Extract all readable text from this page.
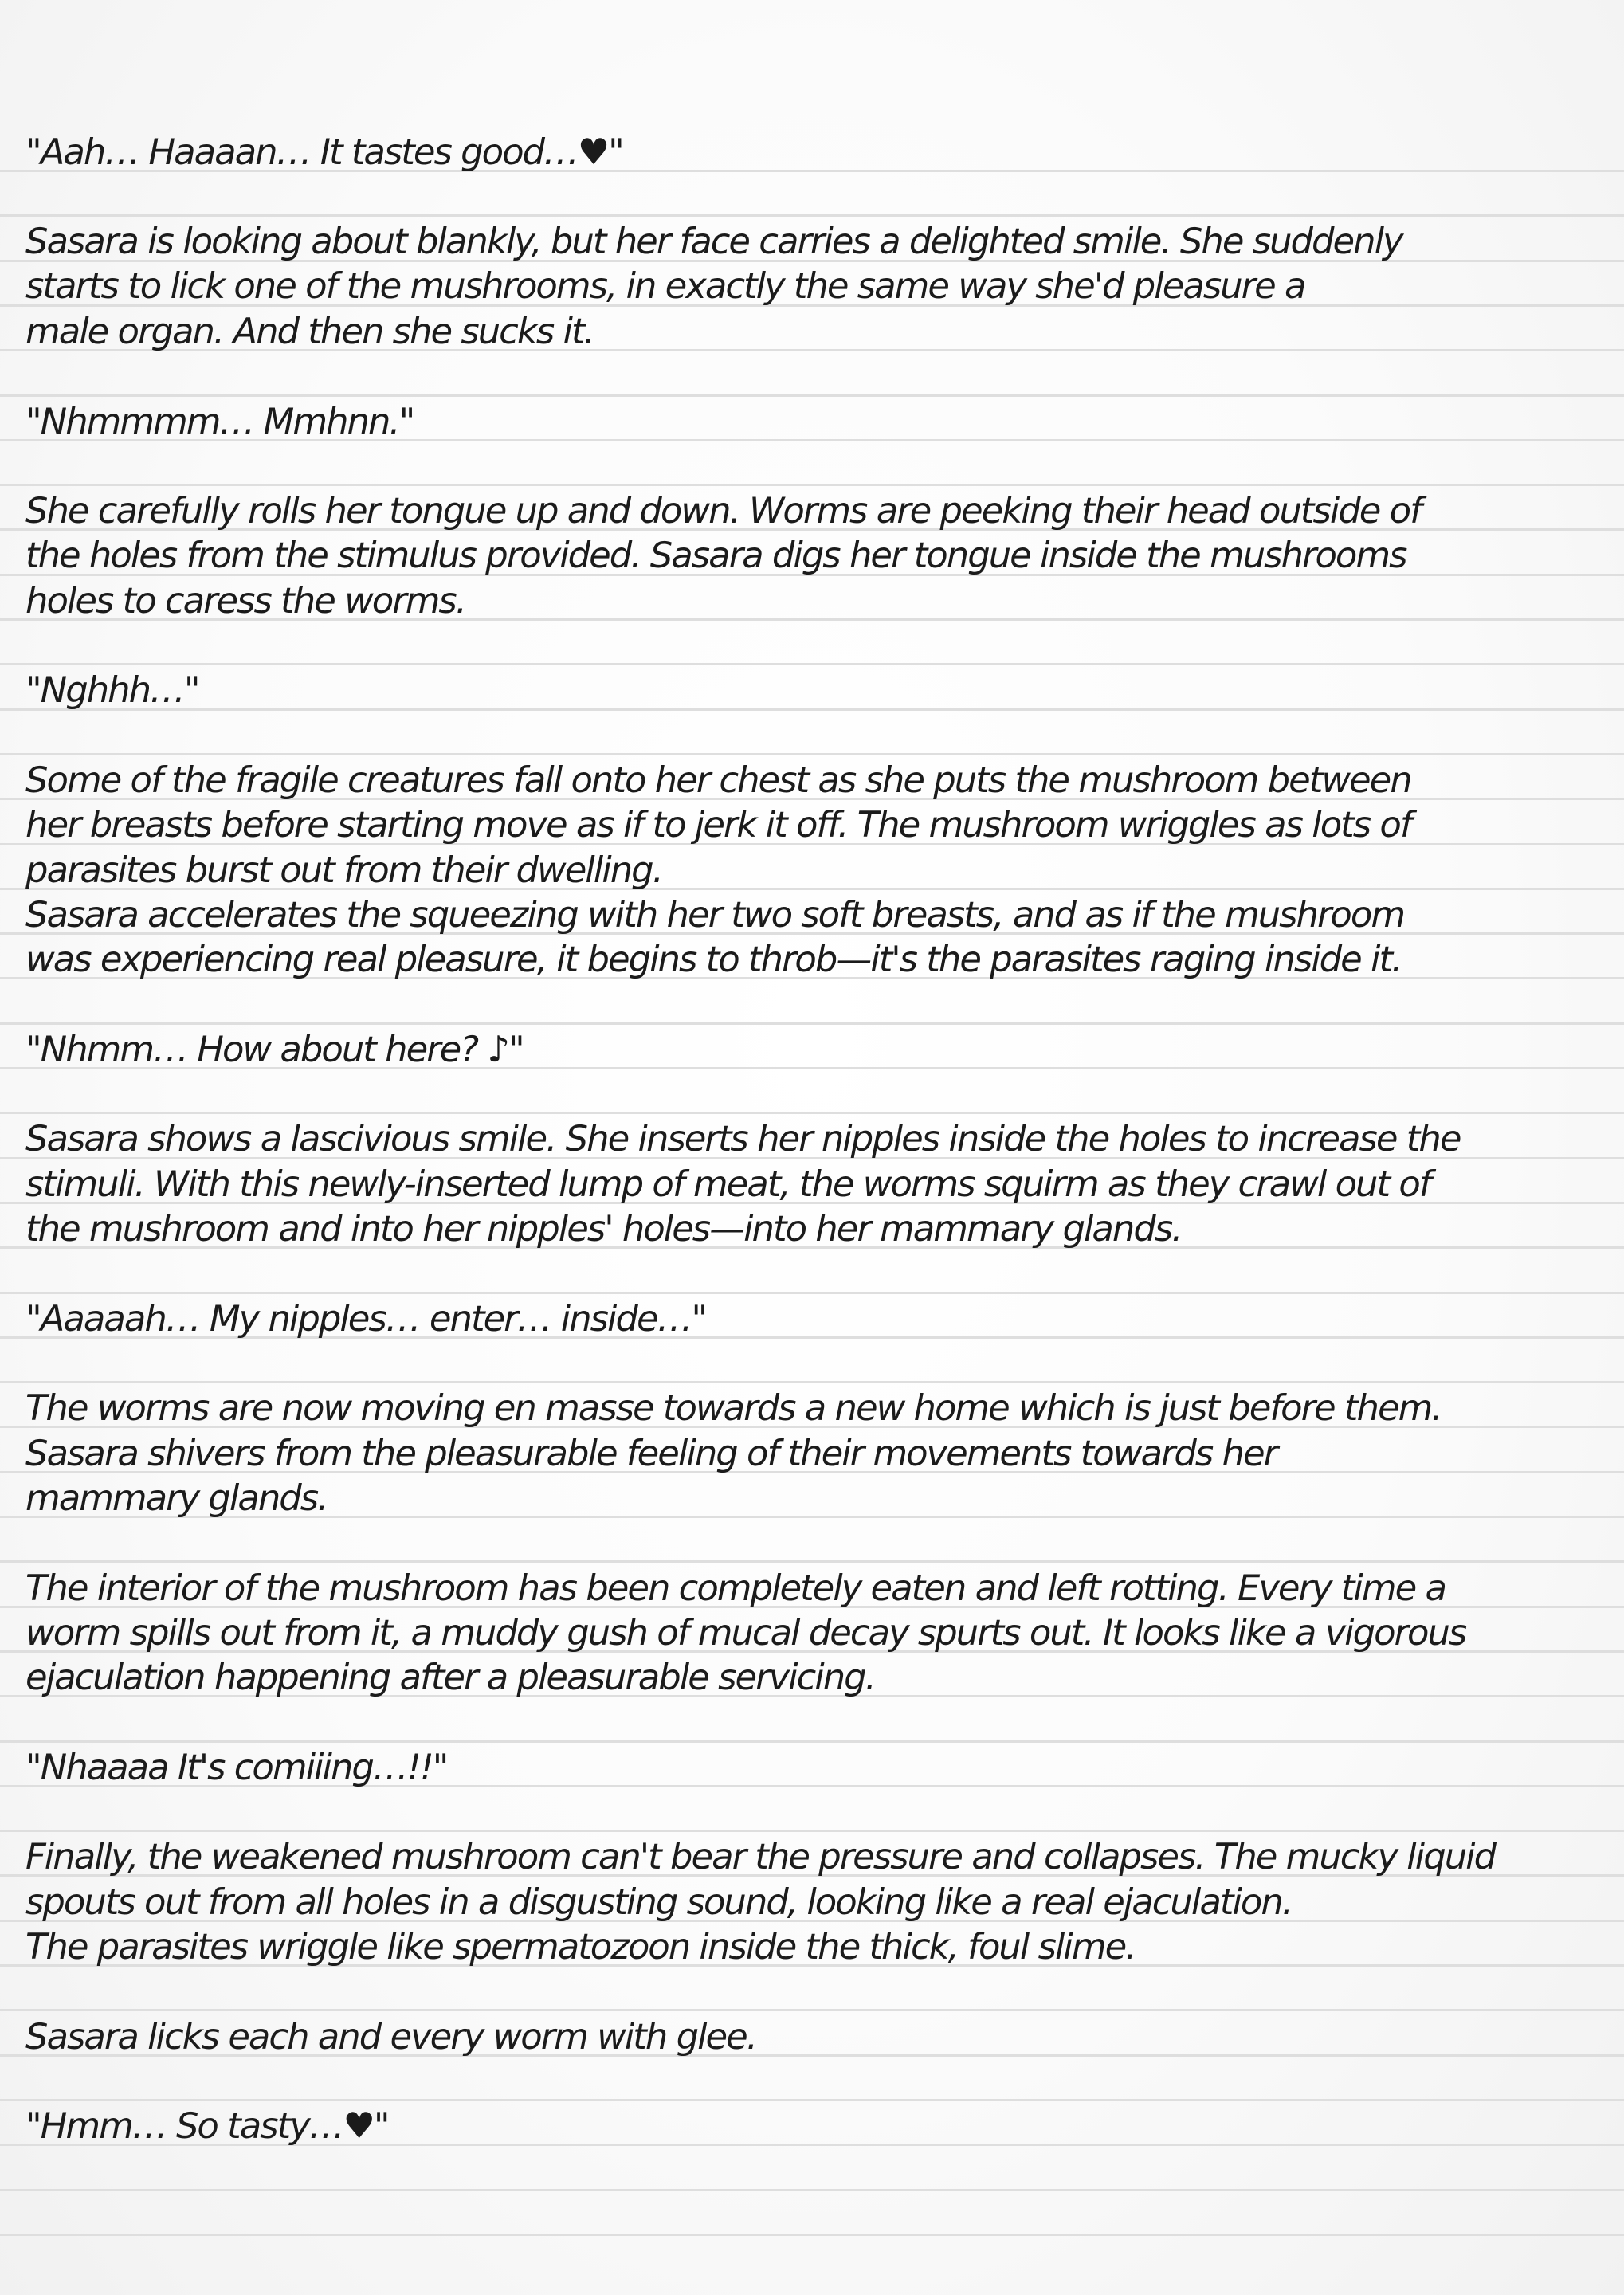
"Aah… Haaaan… It tastes good…♥"
Sasara is looking about blankly, but her face carries a delighted smile. She suddenly
starts to lick one of the mushrooms, in exactly the same way she'd pleasure a
male organ. And then she sucks it.
"Nhmmmm… Mmhnn."
She carefully rolls her tongue up and down. Worms are peeking their head outside of
the holes from the stimulus provided. Sasara digs her tongue inside the mushrooms
holes to caress the worms.
"Nghhh…"
Some of the fragile creatures fall onto her chest as she puts the mushroom between
her breasts before starting move as if to jerk it off. The mushroom wriggles as lots of
parasites burst out from their dwelling.
Sasara accelerates the squeezing with her two soft breasts, and as if the mushroom
was experiencing real pleasure, it begins to throb—it's the parasites raging inside it.
"Nhmm… How about here? ♪"
Sasara shows a lascivious smile. She inserts her nipples inside the holes to increase the
stimuli. With this newly-inserted lump of meat, the worms squirm as they crawl out of
the mushroom and into her nipples' holes—into her mammary glands.
"Aaaaah… My nipples… enter… inside…"
The worms are now moving en masse towards a new home which is just before them.
Sasara shivers from the pleasurable feeling of their movements towards her
mammary glands.
The interior of the mushroom has been completely eaten and left rotting. Every time a
worm spills out from it, a muddy gush of mucal decay spurts out. It looks like a vigorous
ejaculation happening after a pleasurable servicing.
"Nhaaaa It's comiiing…!!"
Finally, the weakened mushroom can't bear the pressure and collapses. The mucky liquid
spouts out from all holes in a disgusting sound, looking like a real ejaculation.
The parasites wriggle like spermatozoon inside the thick, foul slime.
Sasara licks each and every worm with glee.
"Hmm… So tasty…♥"
